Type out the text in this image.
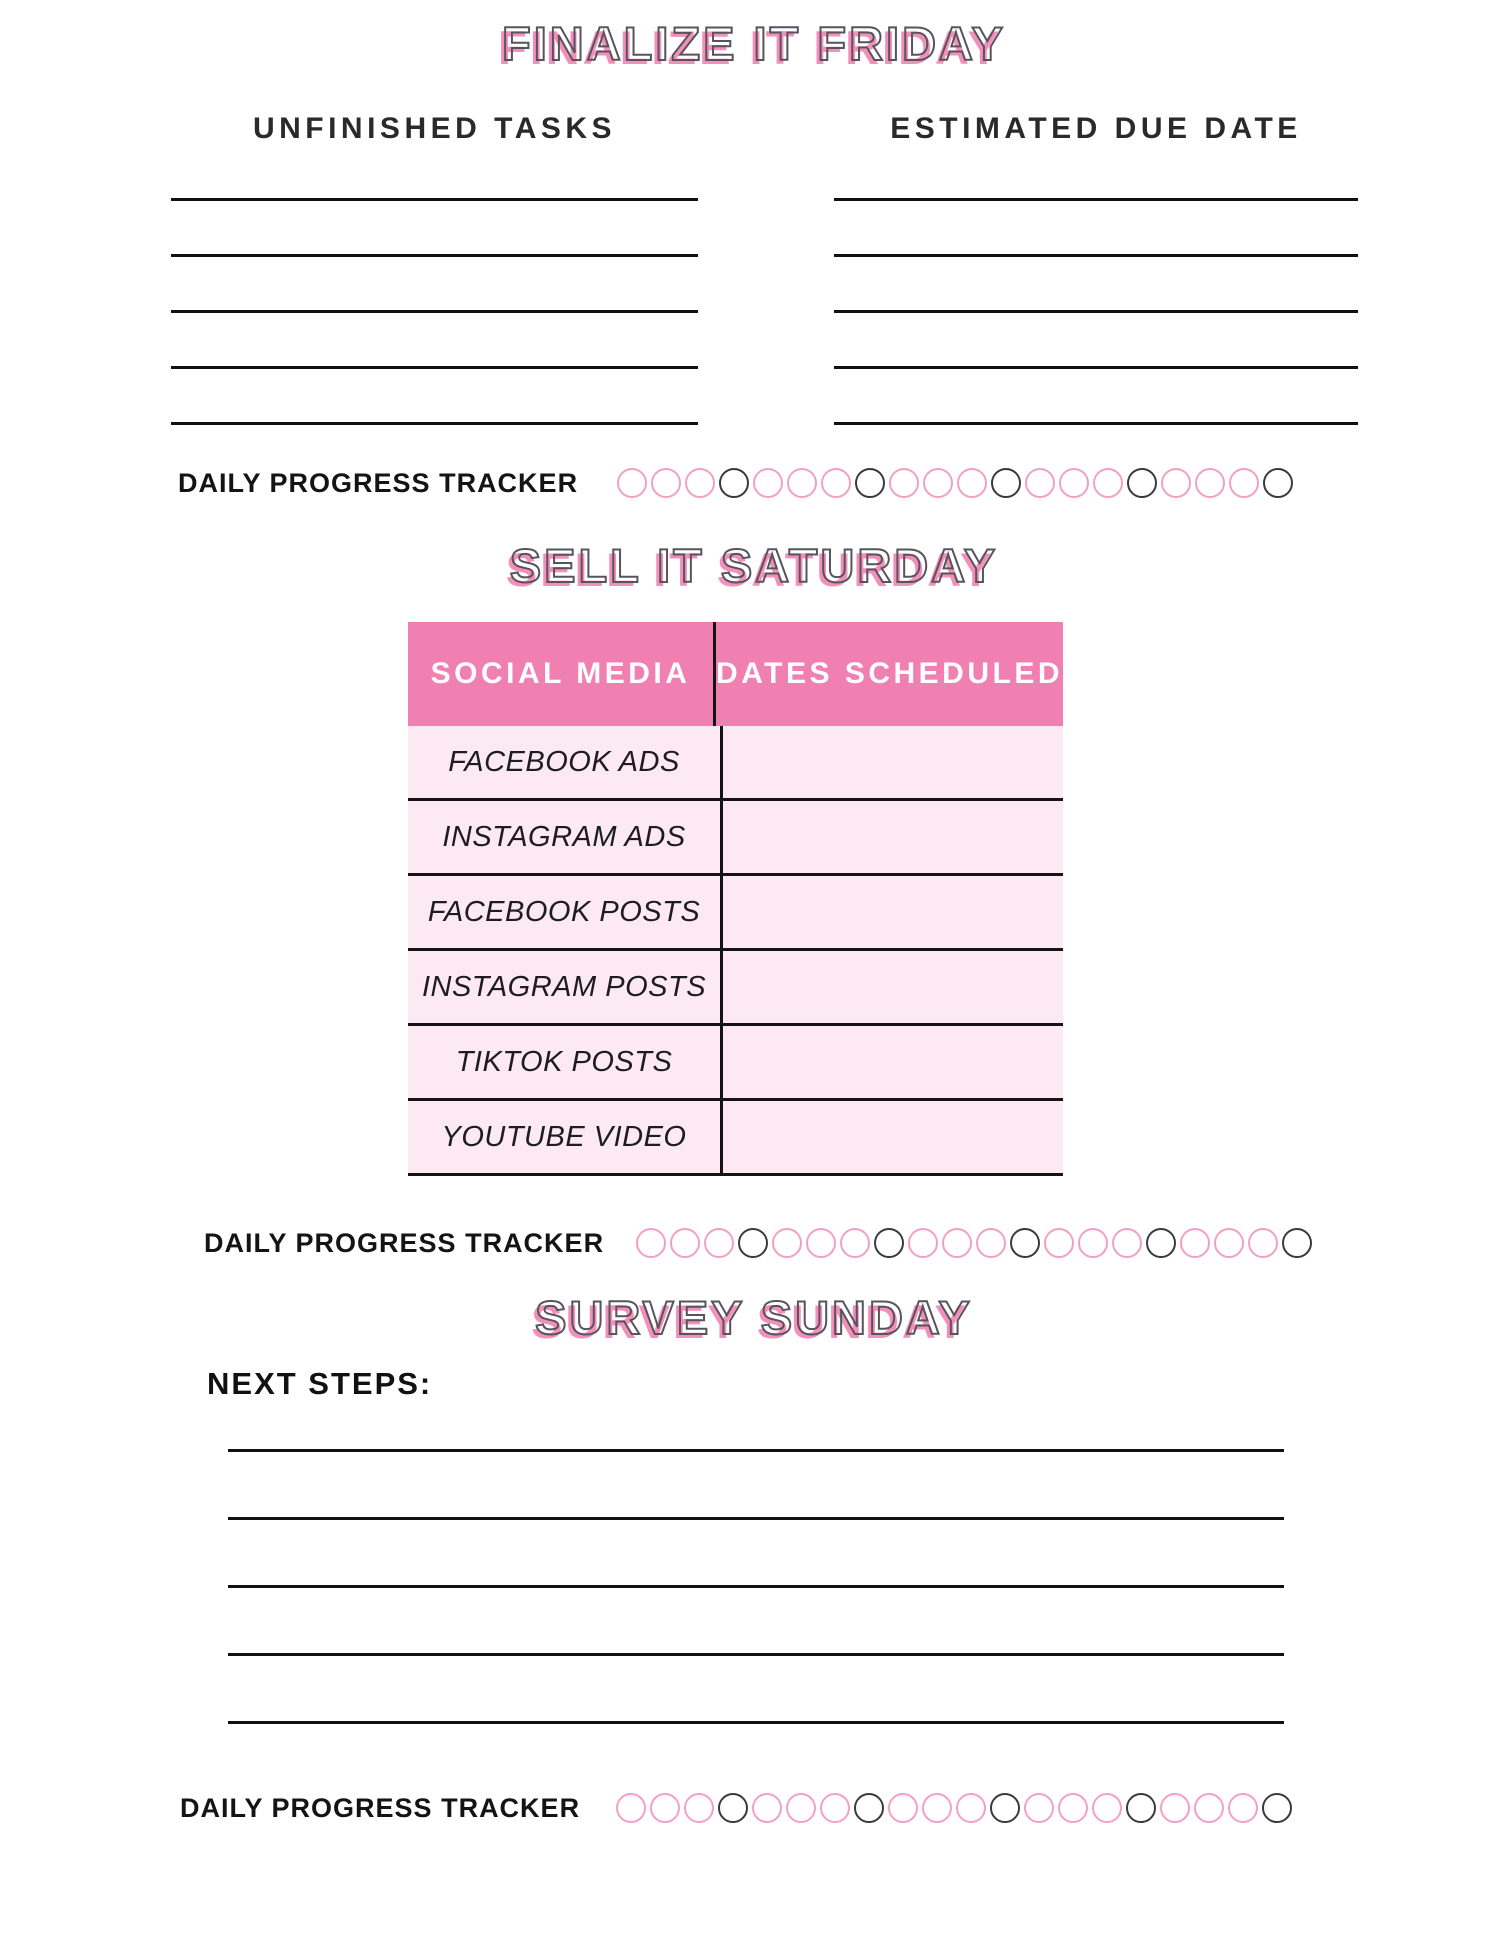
FINALIZE IT FRIDAY FINALIZE IT FRIDAY
UNFINISHED TASKS	ESTIMATED DUE DATE
DAILY PROGRESS TRACKER
SELL IT SATURDAY SELL IT SATURDAY
SOCIAL MEDIA DATES SCHEDULED
FACEBOOK ADS
INSTAGRAM ADS
FACEBOOK POSTS
INSTAGRAM POSTS
TIKTOK POSTS
YOUTUBE VIDEO
DAILY PROGRESS TRACKER
SURVEY SUNDAY SURVEY SUNDAY
NEXT STEPS:
DAILY PROGRESS TRACKER
